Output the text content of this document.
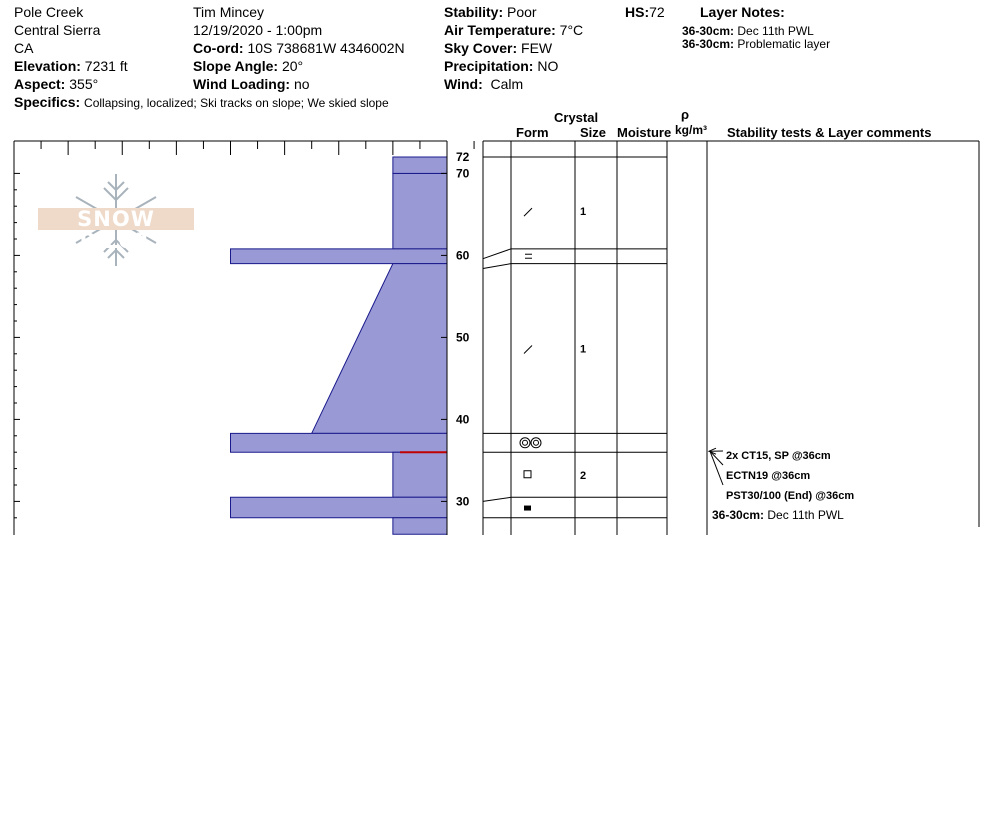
Pole Creek
Central Sierra
CA
Elevation: 7231 ft
Aspect: 355°
Specifics: Collapsing, localized; Ski tracks on slope; We skied slope
Tim Mincey
12/19/2020 - 1:00pm
Co-ord: 10S 738681W 4346002N
Slope Angle: 20°
Wind Loading: no
Stability: Poor
Air Temperature: 7°C
Sky Cover: FEW
Precipitation: NO
Wind: Calm
HS:72	Layer Notes:
36-30cm: Dec 11th PWL
36-30cm: Problematic layer
Crystal
Form Size Moisture
ρ
kg/m³ Stability tests & Layer comments
SNOW PILOT
72
70
60
50
40
30
1
1
2
2x CT15, SP @36cm
ECTN19 @36cm
PST30/100 (End) @36cm
36-30cm: Dec 11th PWL
